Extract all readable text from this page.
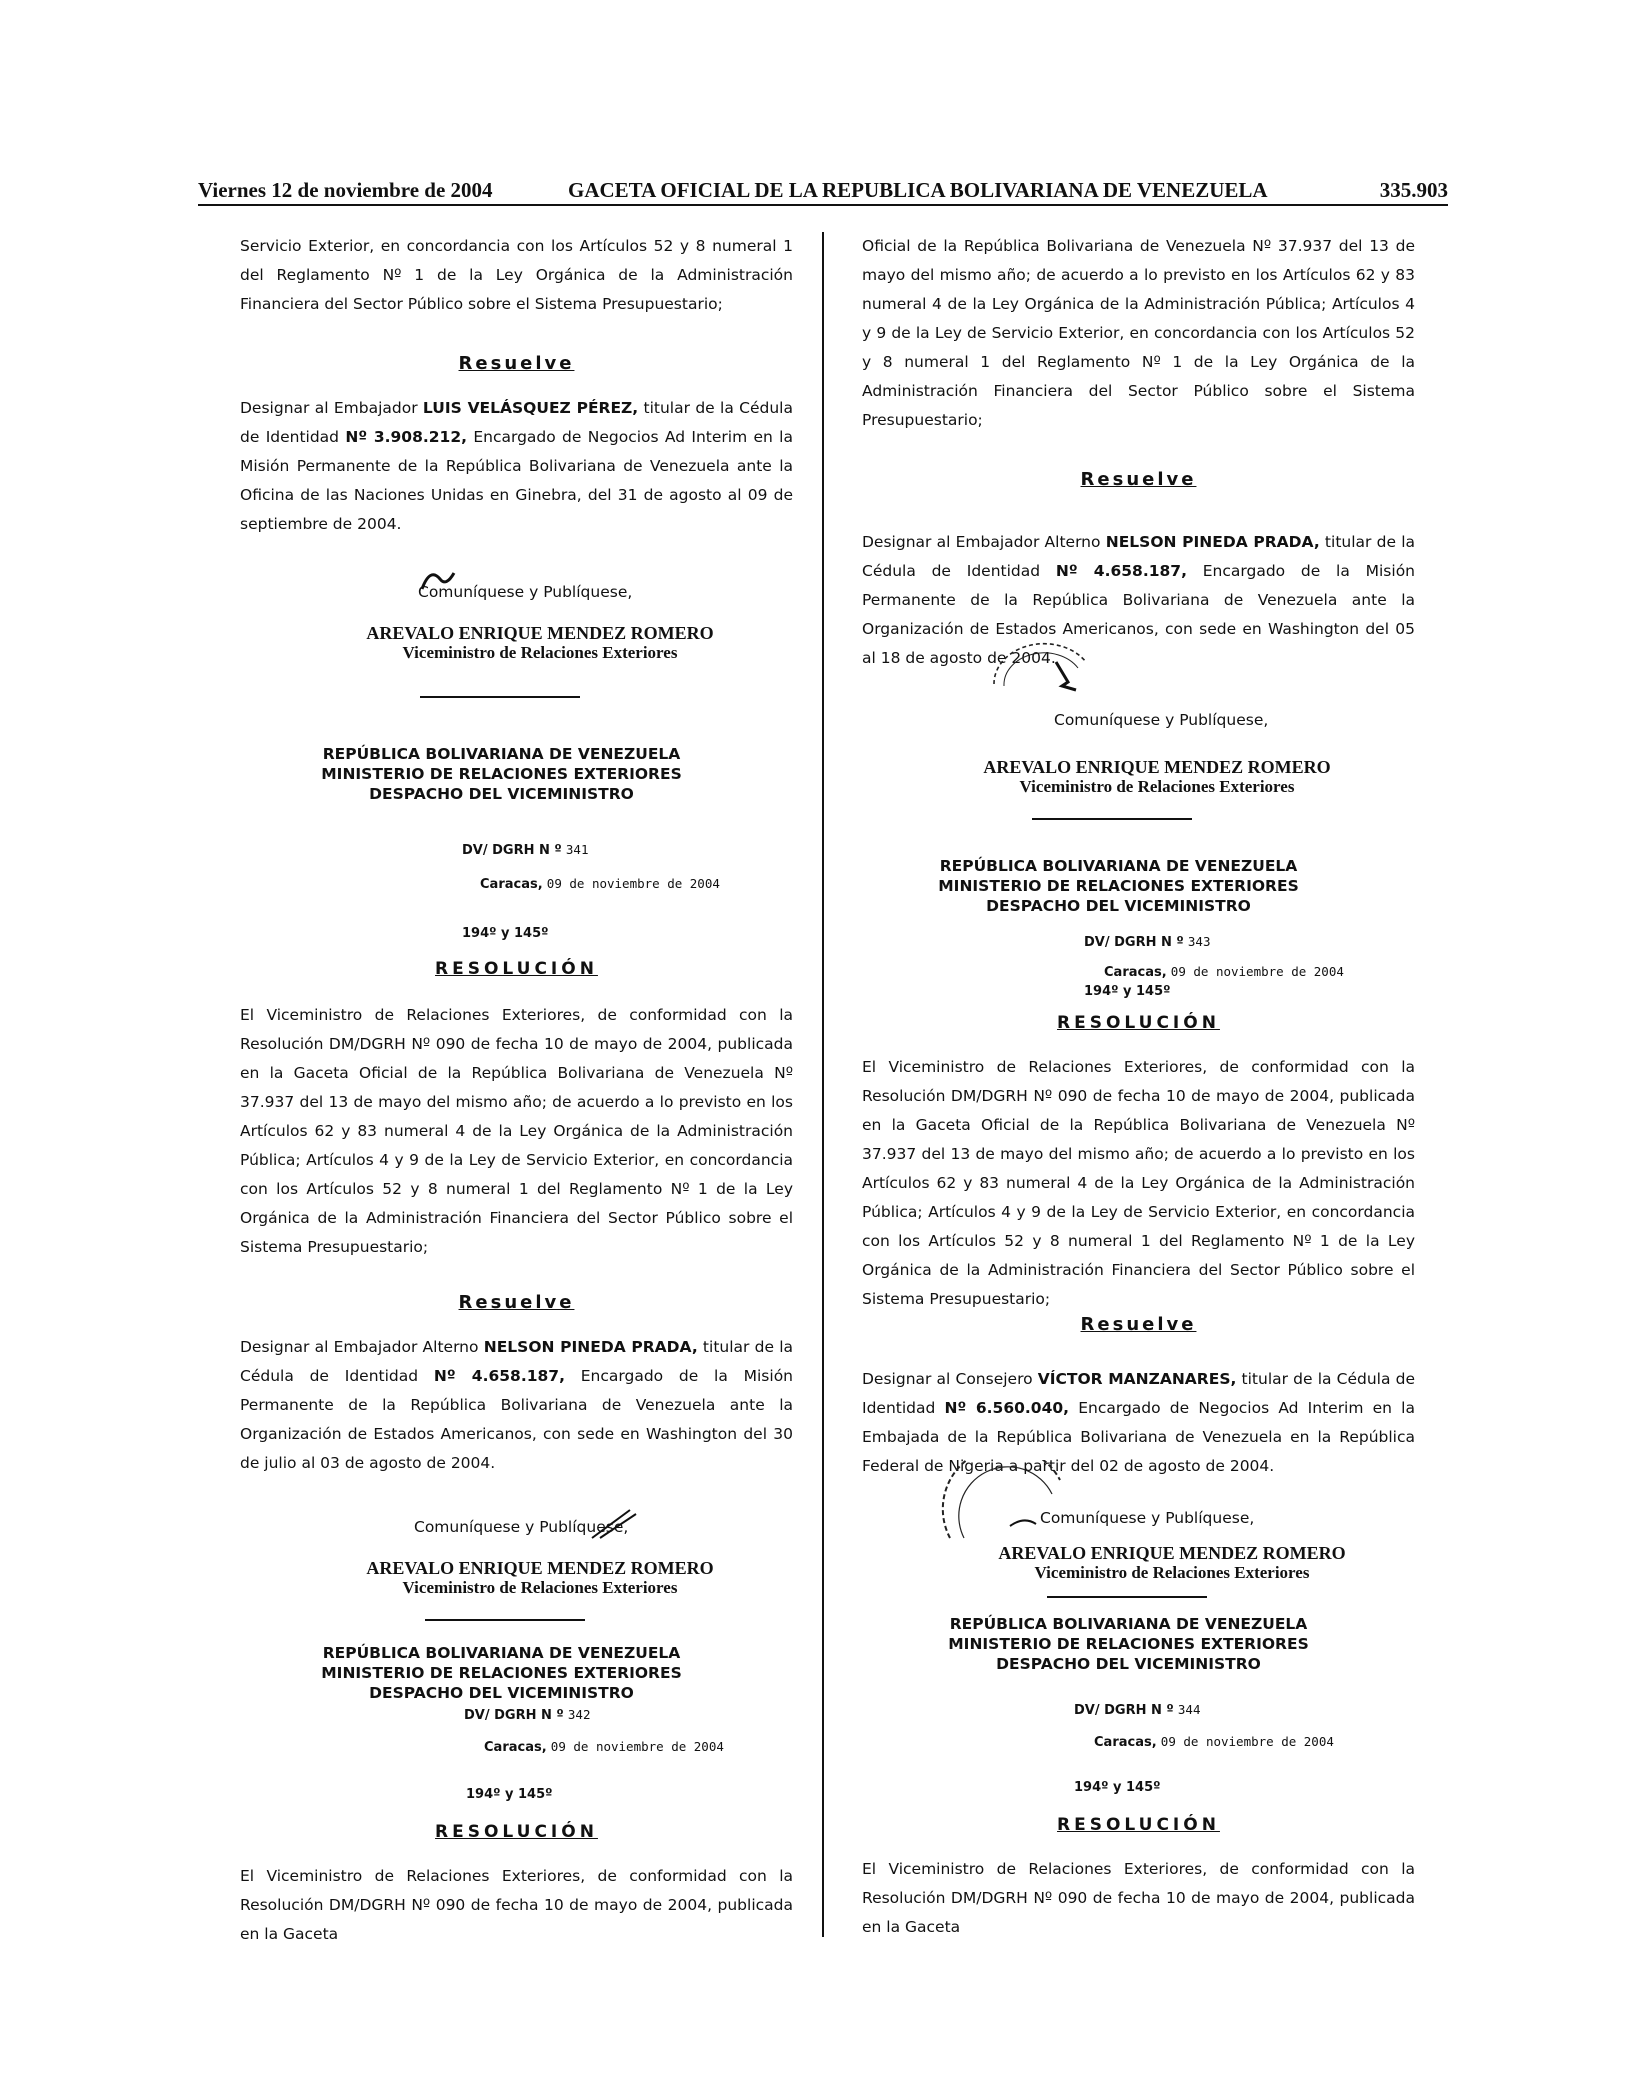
Viernes 12 de noviembre de 2004	GACETA OFICIAL DE LA REPUBLICA BOLIVARIANA DE VENEZUELA	335.903

Servicio Exterior, en concordancia con los Artículos 52 y 8 numeral 1 del Reglamento Nº 1 de la Ley Orgánica de la Administración Financiera del Sector Público sobre el Sistema Presupuestario;

Resuelve

Designar al Embajador LUIS VELÁSQUEZ PÉREZ, titular de la Cédula de Identidad Nº 3.908.212, Encargado de Negocios Ad Interim en la Misión Permanente de la República Bolivariana de Venezuela ante la Oficina de las Naciones Unidas en Ginebra, del 31 de agosto al 09 de septiembre de 2004.

Comuníquese y Publíquese,

AREVALO ENRIQUE MENDEZ ROMERO

Viceministro de Relaciones Exteriores

REPÚBLICA BOLIVARIANA DE VENEZUELA
MINISTERIO DE RELACIONES EXTERIORES
DESPACHO DEL VICEMINISTRO

DV/ DGRH N º 341

Caracas, 09 de noviembre de 2004

194º y 145º

RESOLUCIÓN

El Viceministro de Relaciones Exteriores, de conformidad con la Resolución DM/DGRH Nº 090 de fecha 10 de mayo de 2004, publicada en la Gaceta Oficial de la República Bolivariana de Venezuela Nº 37.937 del 13 de mayo del mismo año; de acuerdo a lo previsto en los Artículos 62 y 83 numeral 4 de la Ley Orgánica de la Administración Pública; Artículos 4 y 9 de la Ley de Servicio Exterior, en concordancia con los Artículos 52 y 8 numeral 1 del Reglamento Nº 1 de la Ley Orgánica de la Administración Financiera del Sector Público sobre el Sistema Presupuestario;

Resuelve

Designar al Embajador Alterno NELSON PINEDA PRADA, titular de la Cédula de Identidad Nº 4.658.187, Encargado de la Misión Permanente de la República Bolivariana de Venezuela ante la Organización de Estados Americanos, con sede en Washington del 30 de julio al 03 de agosto de 2004.

Comuníquese y Publíquese,

AREVALO ENRIQUE MENDEZ ROMERO

Viceministro de Relaciones Exteriores

REPÚBLICA BOLIVARIANA DE VENEZUELA
MINISTERIO DE RELACIONES EXTERIORES
DESPACHO DEL VICEMINISTRO

DV/ DGRH N º 342

Caracas, 09 de noviembre de 2004

194º y 145º

RESOLUCIÓN

El Viceministro de Relaciones Exteriores, de conformidad con la Resolución DM/DGRH Nº 090 de fecha 10 de mayo de 2004, publicada en la Gaceta

Oficial de la República Bolivariana de Venezuela Nº 37.937 del 13 de mayo del mismo año; de acuerdo a lo previsto en los Artículos 62 y 83 numeral 4 de la Ley Orgánica de la Administración Pública; Artículos 4 y 9 de la Ley de Servicio Exterior, en concordancia con los Artículos 52 y 8 numeral 1 del Reglamento Nº 1 de la Ley Orgánica de la Administración Financiera del Sector Público sobre el Sistema Presupuestario;

Resuelve

Designar al Embajador Alterno NELSON PINEDA PRADA, titular de la Cédula de Identidad Nº 4.658.187, Encargado de la Misión Permanente de la República Bolivariana de Venezuela ante la Organización de Estados Americanos, con sede en Washington del 05 al 18 de agosto de 2004.

Comuníquese y Publíquese,

AREVALO ENRIQUE MENDEZ ROMERO

Viceministro de Relaciones Exteriores

REPÚBLICA BOLIVARIANA DE VENEZUELA
MINISTERIO DE RELACIONES EXTERIORES
DESPACHO DEL VICEMINISTRO

DV/ DGRH N º 343

Caracas, 09 de noviembre de 2004

194º y 145º

RESOLUCIÓN

El Viceministro de Relaciones Exteriores, de conformidad con la Resolución DM/DGRH Nº 090 de fecha 10 de mayo de 2004, publicada en la Gaceta Oficial de la República Bolivariana de Venezuela Nº 37.937 del 13 de mayo del mismo año; de acuerdo a lo previsto en los Artículos 62 y 83 numeral 4 de la Ley Orgánica de la Administración Pública; Artículos 4 y 9 de la Ley de Servicio Exterior, en concordancia con los Artículos 52 y 8 numeral 1 del Reglamento Nº 1 de la Ley Orgánica de la Administración Financiera del Sector Público sobre el Sistema Presupuestario;

Resuelve

Designar al Consejero VÍCTOR MANZANARES, titular de la Cédula de Identidad Nº 6.560.040, Encargado de Negocios Ad Interim en la Embajada de la República Bolivariana de Venezuela en la República Federal de Nigeria a partir del 02 de agosto de 2004.

Comuníquese y Publíquese,

AREVALO ENRIQUE MENDEZ ROMERO

Viceministro de Relaciones Exteriores

REPÚBLICA BOLIVARIANA DE VENEZUELA
MINISTERIO DE RELACIONES EXTERIORES
DESPACHO DEL VICEMINISTRO

DV/ DGRH N º 344

Caracas, 09 de noviembre de 2004

194º y 145º

RESOLUCIÓN

El Viceministro de Relaciones Exteriores, de conformidad con la Resolución DM/DGRH Nº 090 de fecha 10 de mayo de 2004, publicada en la Gaceta
